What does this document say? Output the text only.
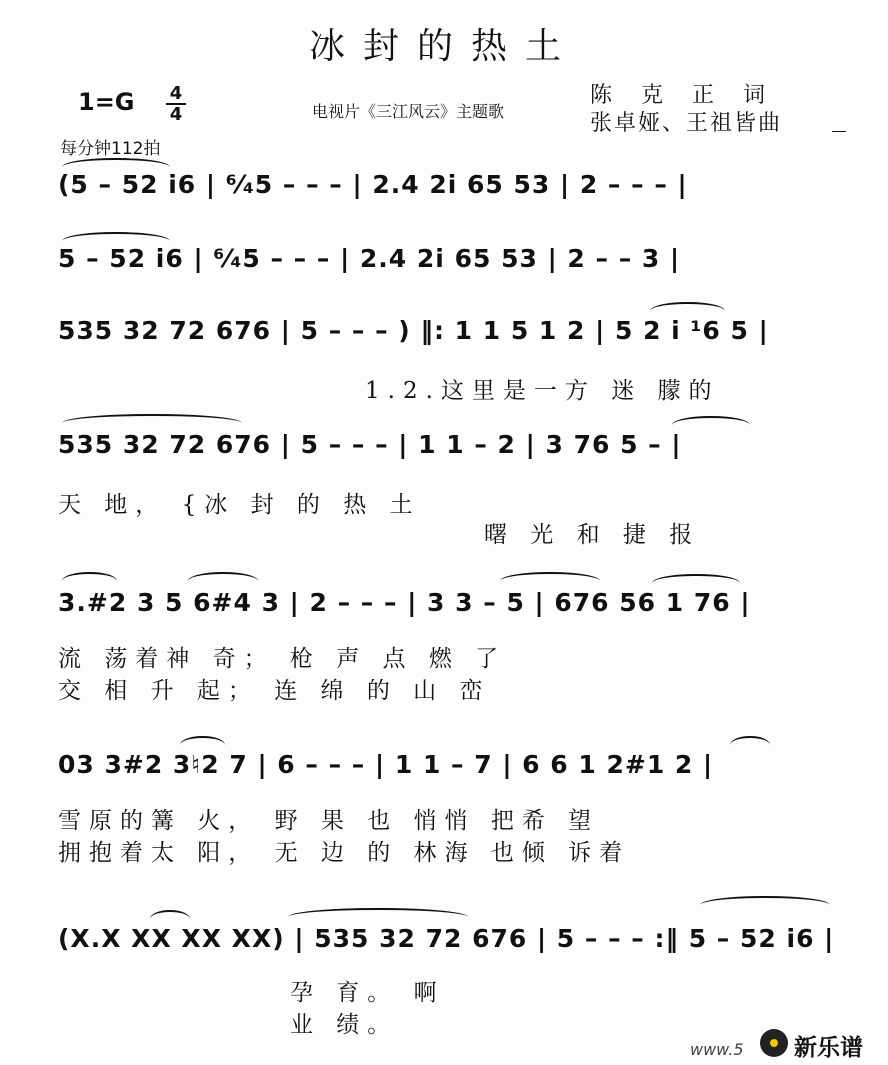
冰封的热土
1=G 4
4
每分钟112拍
电视片《三江风云》主题歌
陈克正词
张卓娅、王祖皆曲
(5 – 52 i6 | ⁶⁄₄5 – – – | 2.4 2i 65 53 | 2 – – – |
5 – 52 i6 | ⁶⁄₄5 – – – | 2.4 2i 65 53 | 2 – – 3 |
535 32 72 676 | 5 – – – ) ‖: 1 1 5 1 2 | 5 2 i ¹6 5 |
1.2.这里是一方 迷 朦的
535 32 72 676 | 5 – – – | 1 1 – 2 | 3 76 5 – |
天 地， {冰 封 的 热 土
曙 光 和 捷 报
3.#2 3 5 6#4 3 | 2 – – – | 3 3 – 5 | 676 56 1 76 |
流 荡着神 奇； 枪 声 点 燃 了
交 相 升 起； 连 绵 的 山 峦
03 3#2 3♮2 7 | 6 – – – | 1 1 – 7 | 6 6 1 2#1 2 |
雪原的篝 火， 野 果 也 悄悄 把希 望
拥抱着太 阳， 无 边 的 林海 也倾 诉着
(X.X XX XX XX) | 535 32 72 676 | 5 – – – :‖ 5 – 52 i6 |
孕 育。 啊
业 绩。
www.5 新乐谱
